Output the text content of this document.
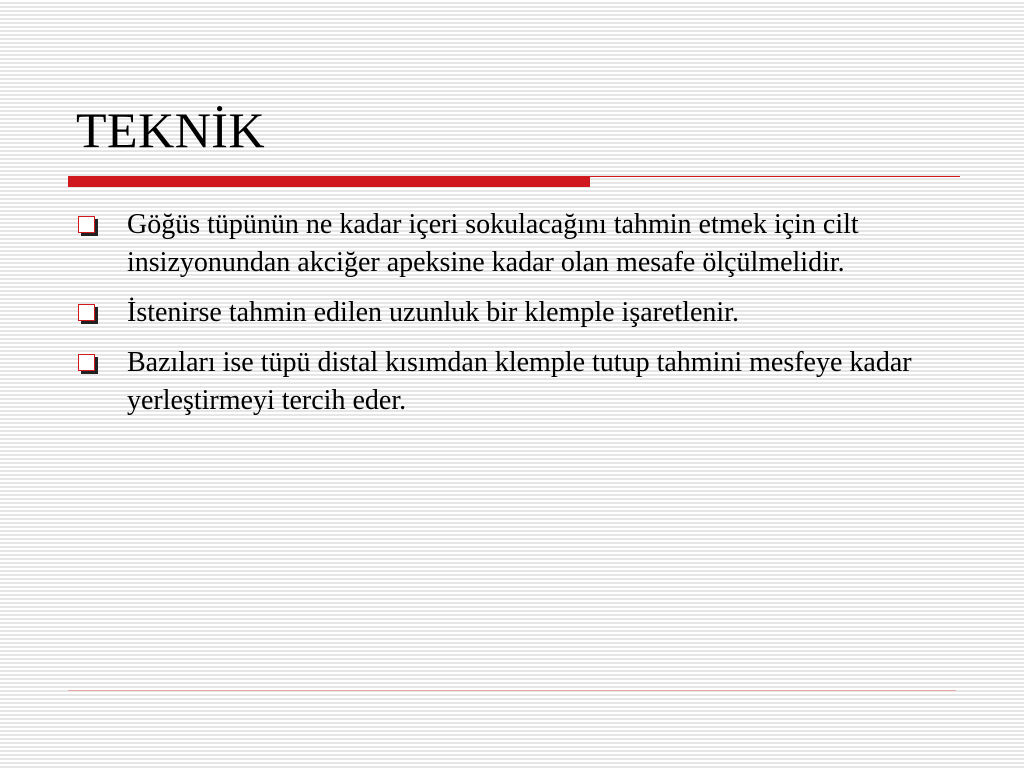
TEKNİK
Göğüs tüpünün ne kadar içeri sokulacağını tahmin etmek için cilt insizyonundan akciğer apeksine kadar olan mesafe ölçülmelidir.
İstenirse tahmin edilen uzunluk bir klemple işaretlenir.
Bazıları ise tüpü distal kısımdan klemple tutup tahmini mesfeye kadar yerleştirmeyi tercih eder.
